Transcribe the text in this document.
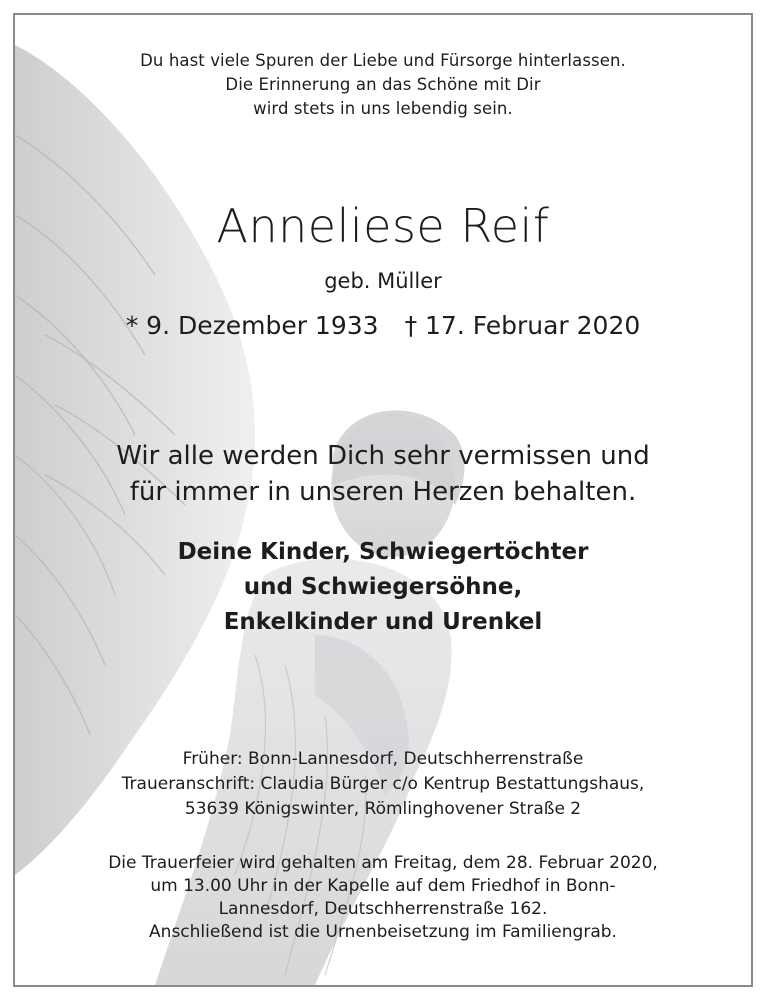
Du hast viele Spuren der Liebe und Fürsorge hinterlassen.
Die Erinnerung an das Schöne mit Dir
wird stets in uns lebendig sein.
Anneliese Reif
geb. Müller
* 9. Dezember 1933 † 17. Februar 2020
Wir alle werden Dich sehr vermissen und
für immer in unseren Herzen behalten.
Deine Kinder, Schwiegertöchter
und Schwiegersöhne,
Enkelkinder und Urenkel
Früher: Bonn-Lannesdorf, Deutschherrenstraße
Traueranschrift: Claudia Bürger c/o Kentrup Bestattungshaus,
53639 Königswinter, Römlinghovener Straße 2
Die Trauerfeier wird gehalten am Freitag, dem 28. Februar 2020,
um 13.00 Uhr in der Kapelle auf dem Friedhof in Bonn-
Lannesdorf, Deutschherrenstraße 162.
Anschließend ist die Urnenbeisetzung im Familiengrab.
